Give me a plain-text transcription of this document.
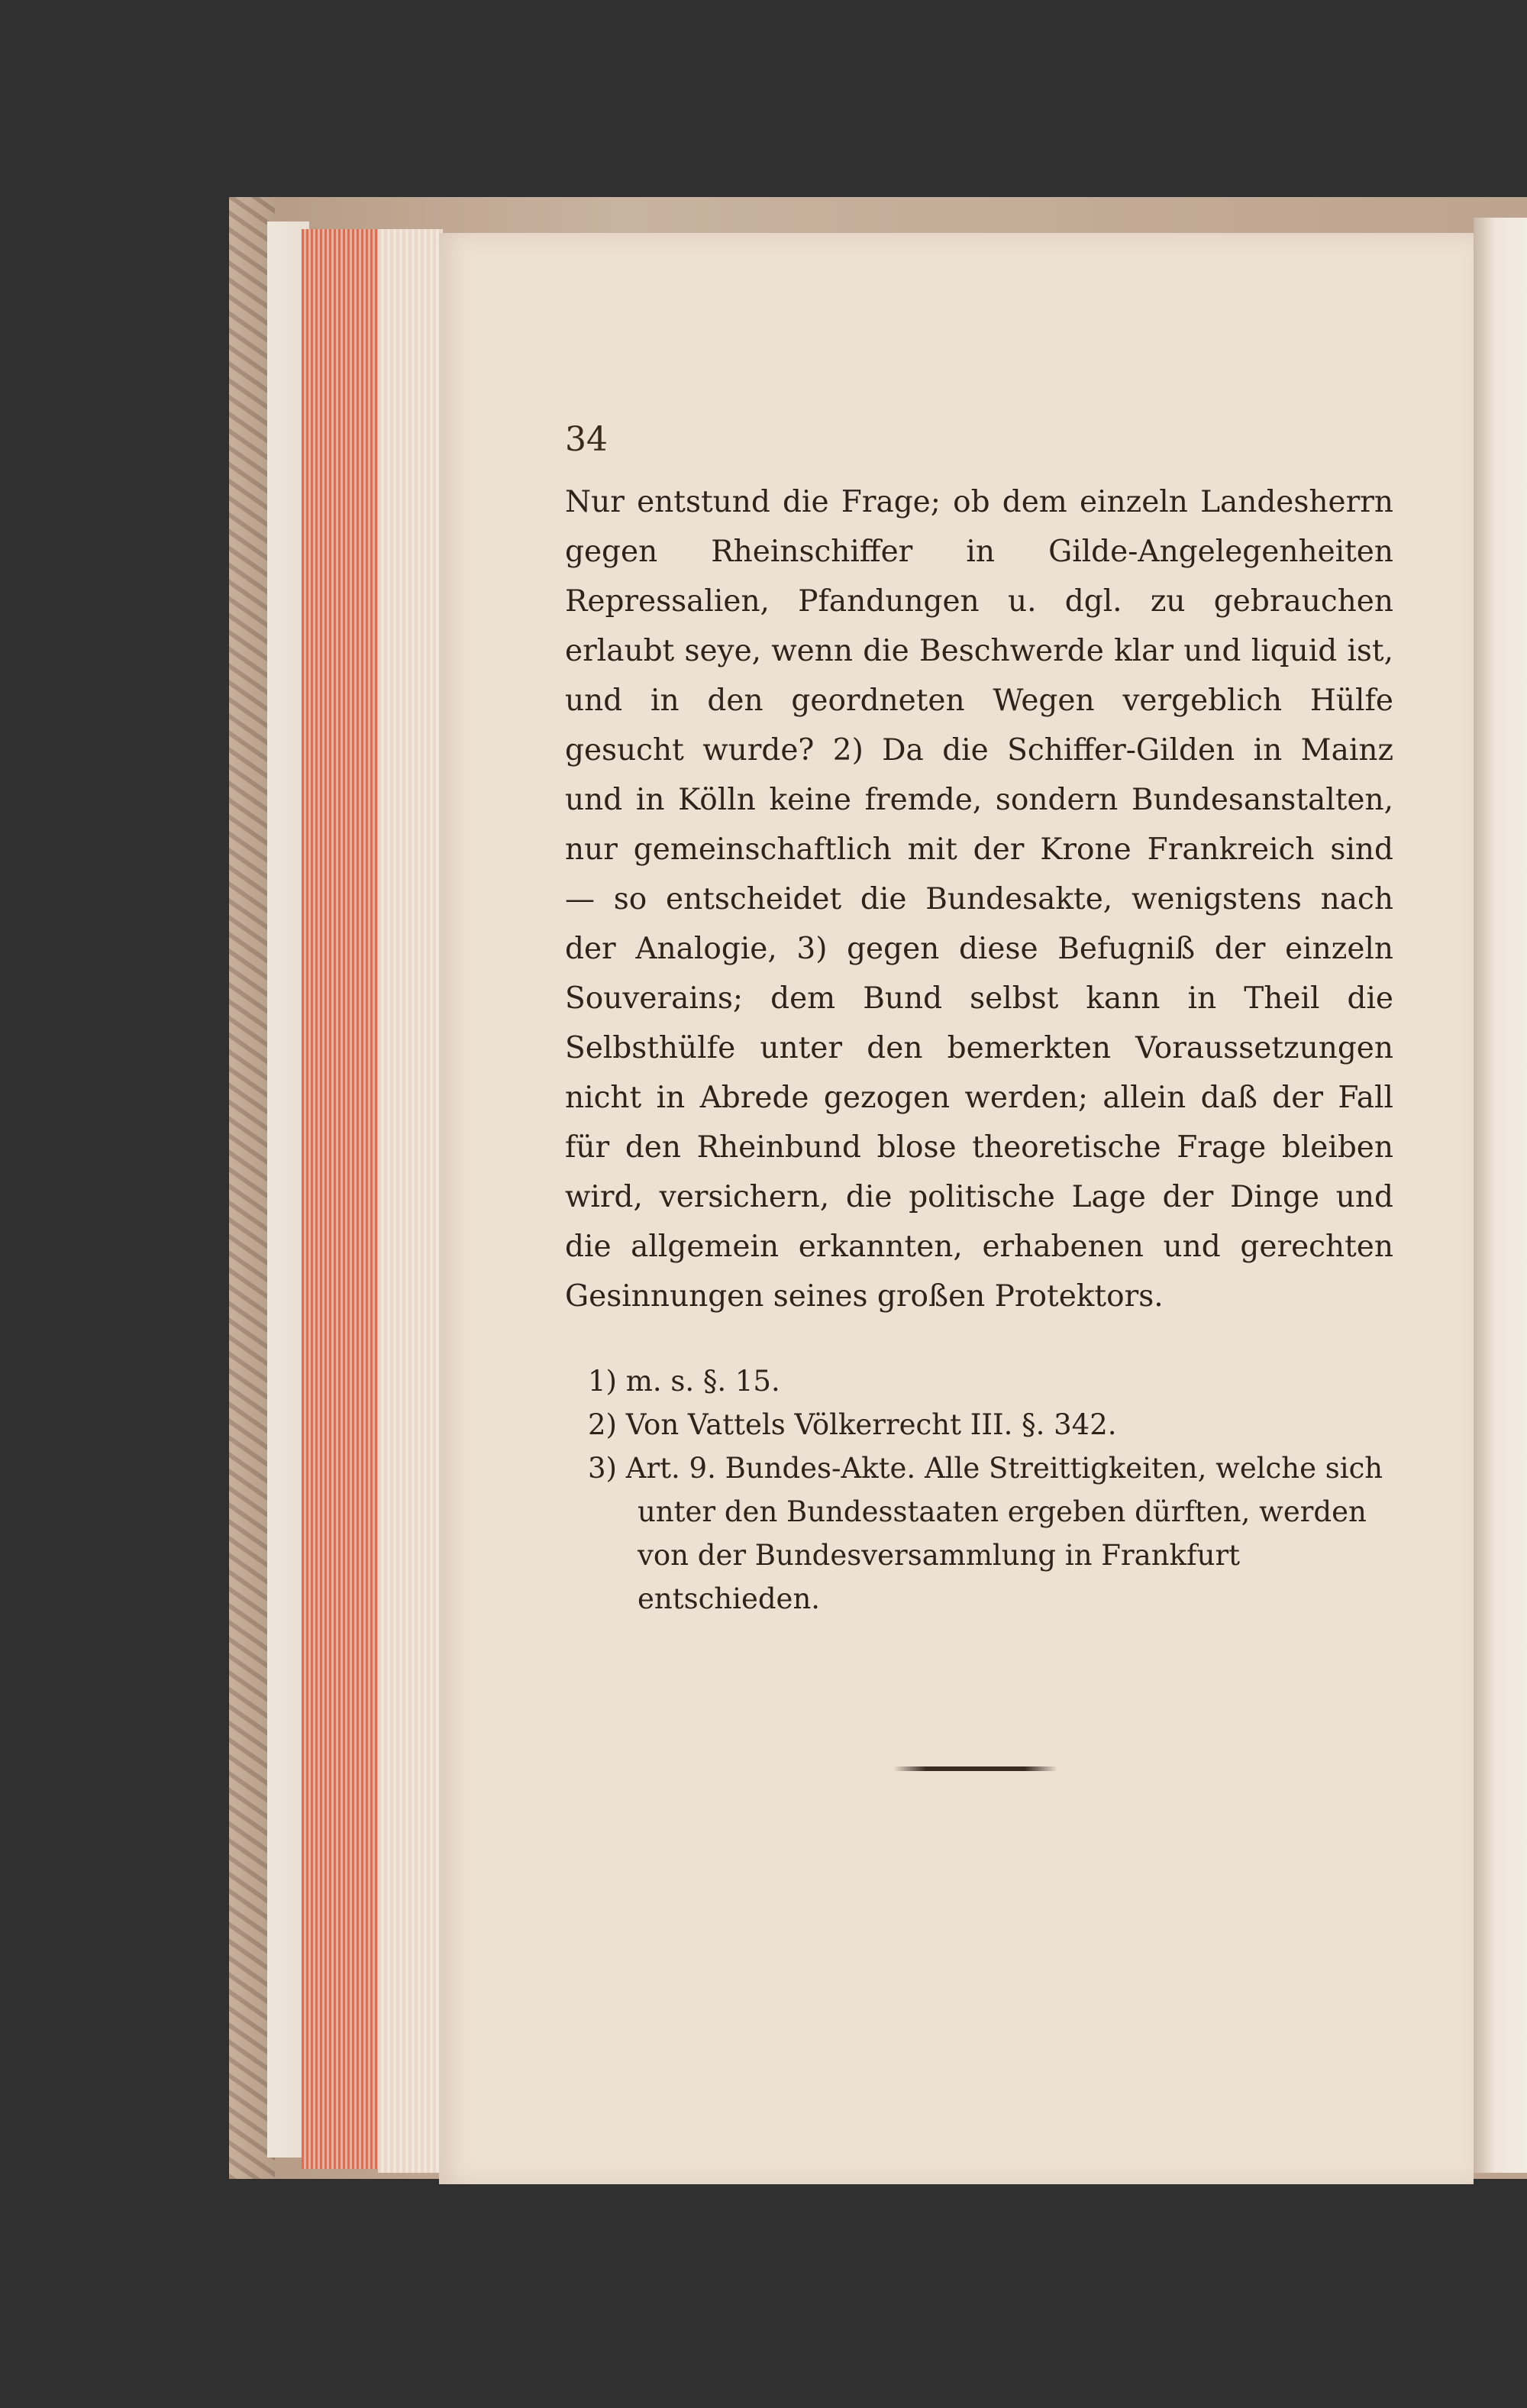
34

Nur entstund die Frage; ob dem einzeln Landesherrn gegen Rheinschiffer in Gilde-Angelegenheiten Repressalien, Pfandungen u. dgl. zu gebrauchen erlaubt seye, wenn die Beschwerde klar und liquid ist, und in den geordneten Wegen vergeblich Hülfe gesucht wurde? 2) Da die Schiffer-Gilden in Mainz und in Kölln keine fremde, sondern Bundesanstalten, nur gemeinschaftlich mit der Krone Frankreich sind — so entscheidet die Bundesakte, wenigstens nach der Analogie, 3) gegen diese Befugniß der einzeln Souverains; dem Bund selbst kann in Theil die Selbsthülfe unter den bemerkten Voraussetzungen nicht in Abrede gezogen werden; allein daß der Fall für den Rheinbund blose theoretische Frage bleiben wird, versichern, die politische Lage der Dinge und die allgemein erkannten, erhabenen und gerechten Gesinnungen seines großen Protektors.

1) m. s. §. 15.
2) Von Vattels Völkerrecht III. §. 342.
3) Art. 9. Bundes-Akte. Alle Streittigkeiten, welche sich unter den Bundesstaaten ergeben dürften, werden von der Bundesversammlung in Frankfurt entschieden.
